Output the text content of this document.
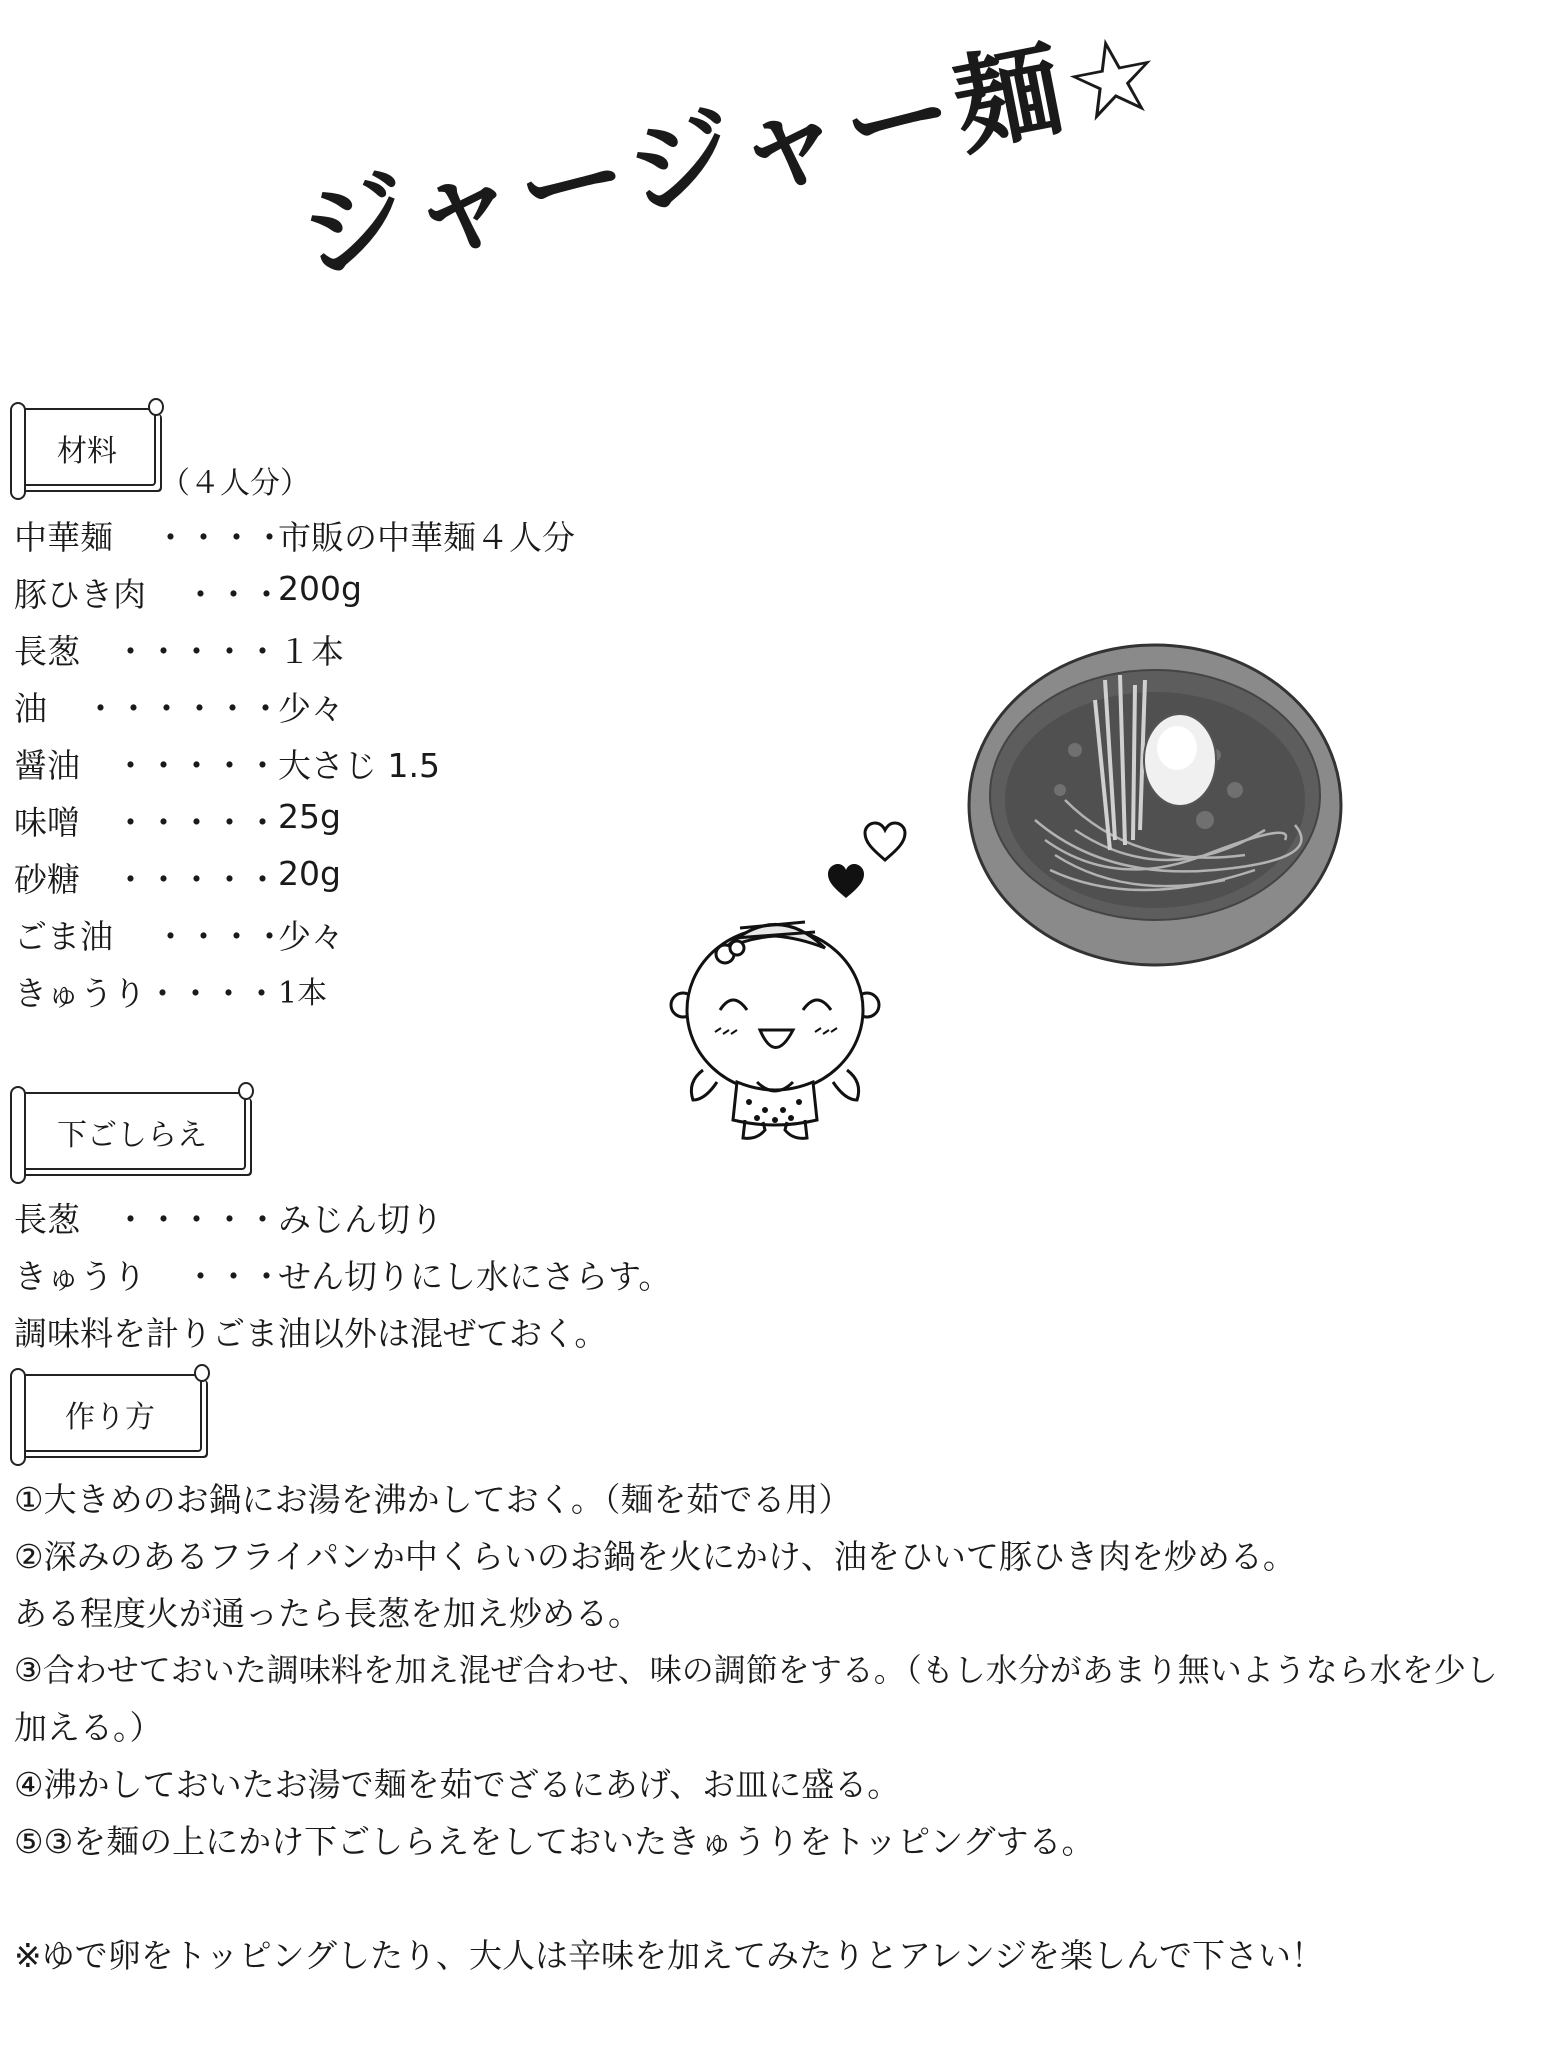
ジャージャー麺☆
材料
（４人分）
中華麺 ・・・・
市販の中華麺４人分
豚ひき肉 ・・・
200g
長葱 ・・・・・ １本
油 ・・・・・・
少々
醤油 ・・・・・ 大さじ 1.5
味噌 ・・・・・ 25g
砂糖 ・・・・・ 20g
ごま油 ・・・・
少々
きゅうり ・・・・ 1本
下ごしらえ
長葱 ・・・・・ みじん切り
きゅうり ・・・
せん切りにし水にさらす。
調味料を計りごま油以外は混ぜておく。
作り方
①大きめのお鍋にお湯を沸かしておく。（麺を茹でる用）
②深みのあるフライパンか中くらいのお鍋を火にかけ、油をひいて豚ひき肉を炒める。
ある程度火が通ったら長葱を加え炒める。
③合わせておいた調味料を加え混ぜ合わせ、味の調節をする。（もし水分があまり無いようなら水を少し
加える。）
④沸かしておいたお湯で麺を茹でざるにあげ、お皿に盛る。
⑤③を麺の上にかけ下ごしらえをしておいたきゅうりをトッピングする。
※ゆで卵をトッピングしたり、大人は辛味を加えてみたりとアレンジを楽しんで下さい！
